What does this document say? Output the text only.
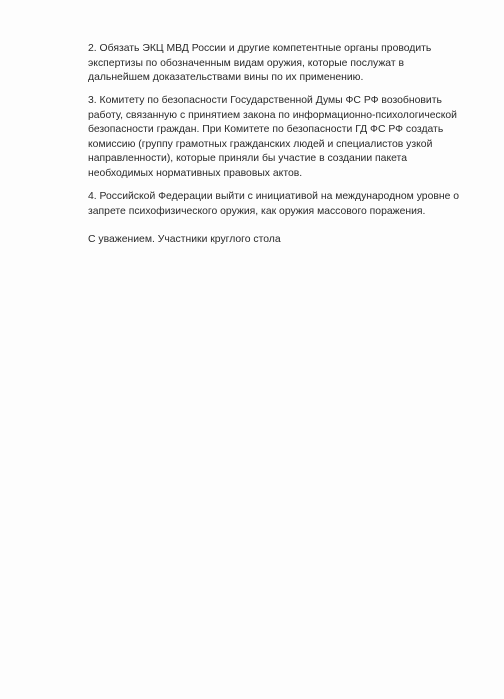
2. Обязать ЭКЦ МВД России и другие компетентные органы проводить
экспертизы по обозначенным видам оружия, которые послужат в
дальнейшем доказательствами вины по их применению.

3. Комитету по безопасности Государственной Думы ФС РФ возобновить
работу, связанную с принятием закона по информационно-психологической
безопасности граждан. При Комитете по безопасности ГД ФС РФ создать
комиссию (группу грамотных гражданских людей и специалистов узкой
направленности), которые приняли бы участие в создании пакета
необходимых нормативных правовых актов.

4. Российской Федерации выйти с инициативой на международном уровне о
запрете психофизического оружия, как оружия массового поражения.

С уважением. Участники круглого стола
